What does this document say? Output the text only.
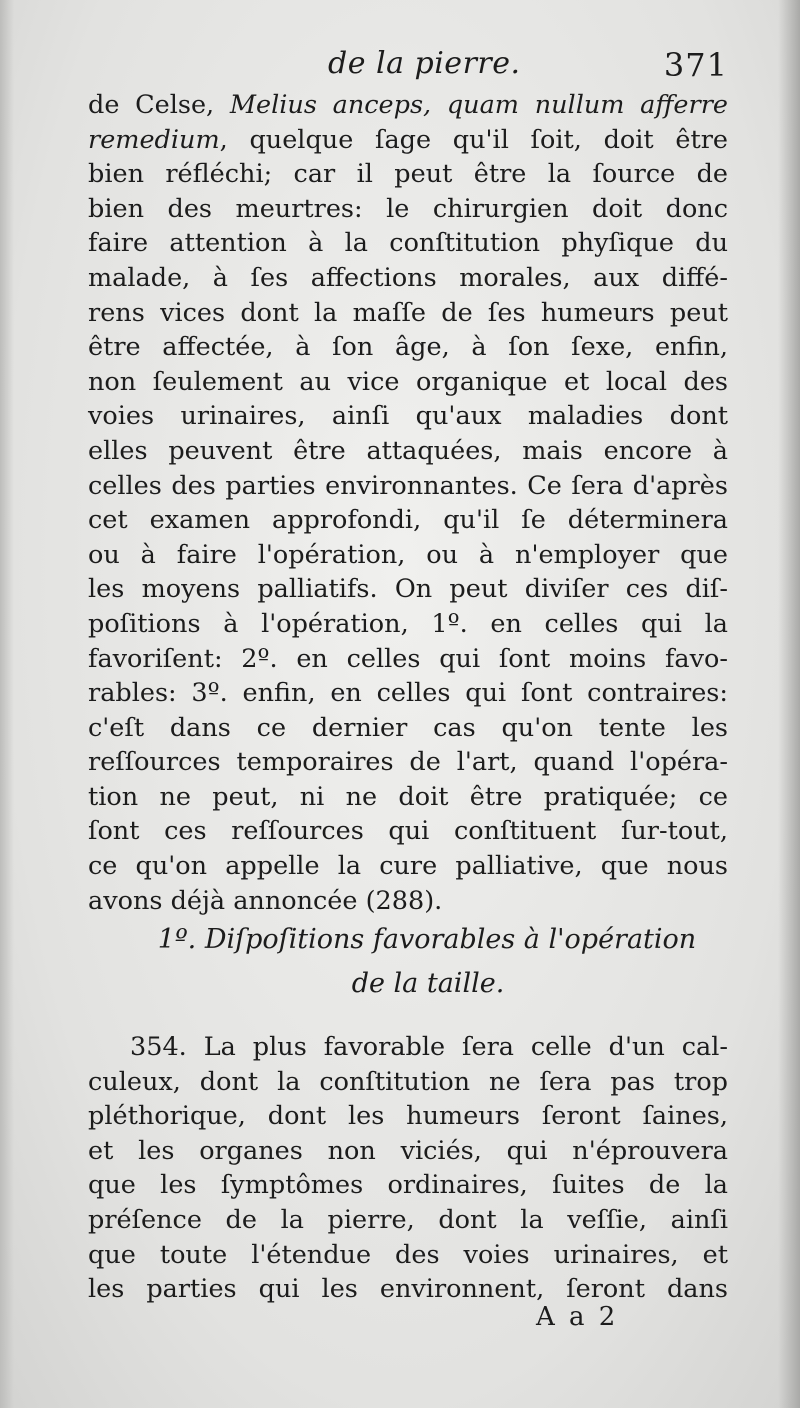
de la pierre.	371
de Celse, Melius anceps, quam nullum afferre
remedium, quelque ſage qu'il ſoit, doit être
bien réfléchi; car il peut être la ſource de
bien des meurtres: le chirurgien doit donc
faire attention à la conſtitution phyſique du
malade, à ſes affections morales, aux diffé-
rens vices dont la maſſe de ſes humeurs peut
être affectée, à ſon âge, à ſon ſexe, enfin,
non ſeulement au vice organique et local des
voies urinaires, ainſi qu'aux maladies dont
elles peuvent être attaquées, mais encore à
celles des parties environnantes. Ce ſera d'après
cet examen approfondi, qu'il ſe déterminera
ou à faire l'opération, ou à n'employer que
les moyens palliatifs. On peut diviſer ces diſ-
poſitions à l'opération, 1º. en celles qui la
favoriſent: 2º. en celles qui ſont moins favo-
rables: 3º. enfin, en celles qui ſont contraires:
c'eſt dans ce dernier cas qu'on tente les
reſſources temporaires de l'art, quand l'opéra-
tion ne peut, ni ne doit être pratiquée; ce
ſont ces reſſources qui conſtituent ſur-tout,
ce qu'on appelle la cure palliative, que nous
avons déjà annoncée (288).
1º. Diſpoſitions favorables à l'opération
de la taille.
354. La plus favorable ſera celle d'un cal-
culeux, dont la conſtitution ne ſera pas trop
pléthorique, dont les humeurs ſeront ſaines,
et les organes non viciés, qui n'éprouvera
que les ſymptômes ordinaires, ſuites de la
préſence de la pierre, dont la veſſie, ainſi
que toute l'étendue des voies urinaires, et
les parties qui les environnent, ſeront dans
A a 2
